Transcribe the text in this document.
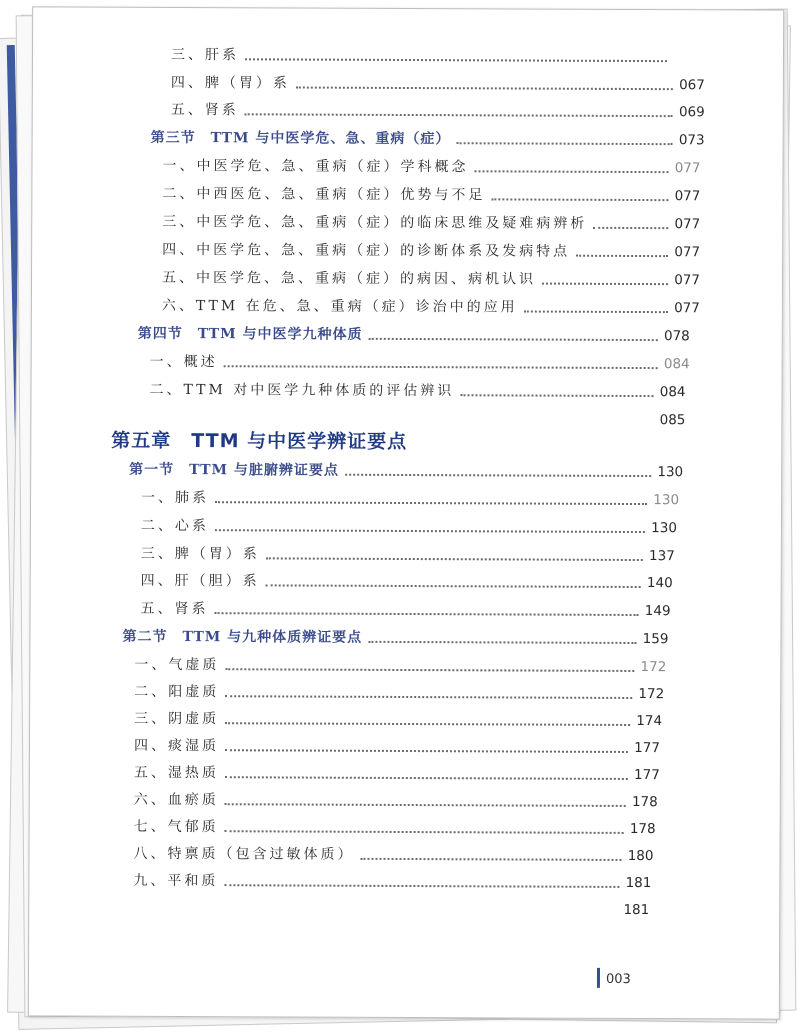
三、肝系
四、脾（胃）系	067
五、肾系	069
第三节　TTM 与中医学危、急、重病（症）	073
一、中医学危、急、重病（症）学科概念	077
二、中西医危、急、重病（症）优势与不足	077
三、中医学危、急、重病（症）的临床思维及疑难病辨析	077
四、中医学危、急、重病（症）的诊断体系及发病特点	077
五、中医学危、急、重病（症）的病因、病机认识	077
六、TTM 在危、急、重病（症）诊治中的应用	077
第四节　TTM 与中医学九种体质	078
一、概述	084
二、TTM 对中医学九种体质的评估辨识	084
085
第五章　TTM 与中医学辨证要点
第一节　TTM 与脏腑辨证要点	130
一、肺系	130
二、心系	130
三、脾（胃）系	137
四、肝（胆）系	140
五、肾系	149
第二节　TTM 与九种体质辨证要点	159
一、气虚质	172
二、阳虚质	172
三、阴虚质	174
四、痰湿质	177
五、湿热质	177
六、血瘀质	178
七、气郁质	178
八、特禀质（包含过敏体质）	180
九、平和质	181
181
003
